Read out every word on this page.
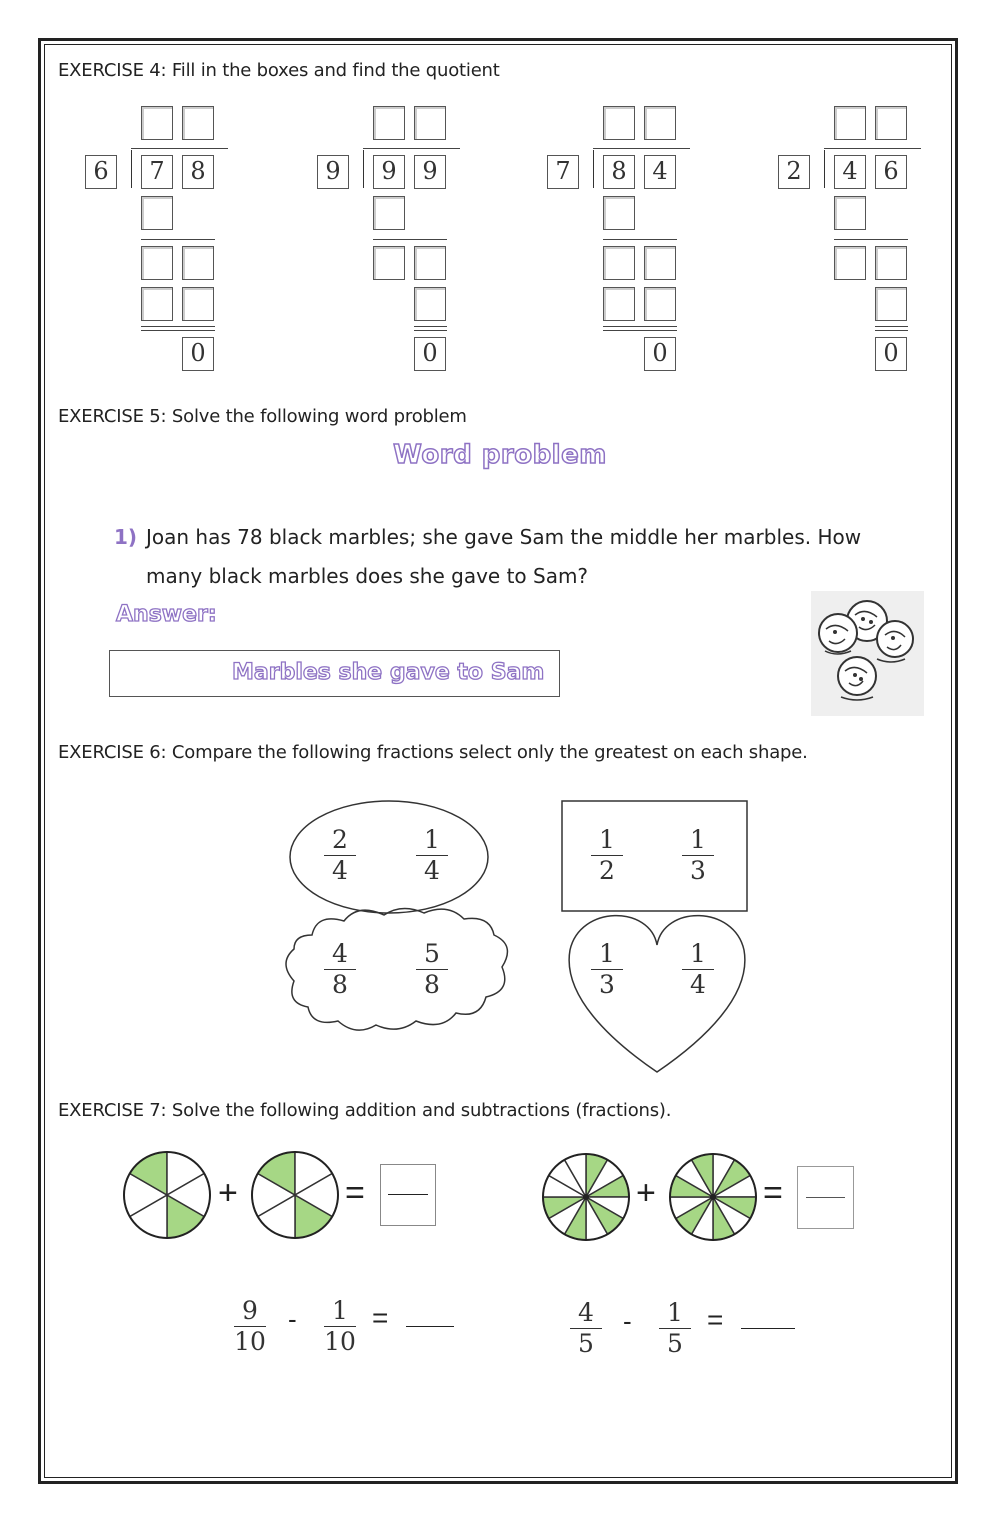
EXERCISE 4: Fill in the boxes and find the quotient
6	7	8
0
9	9	9
0
7	8	4
0
2	4	6
0
EXERCISE 5: Solve the following word problem
Word problem
1) Joan has 78 black marbles; she gave Sam the middle her marbles. How many black marbles does she gave to Sam?
Answer:
Marbles she gave to Sam
EXERCISE 6: Compare the following fractions select only the greatest on each shape.
2
4
1
4
1
2
1
3
4
8
5
8
1
3
1
4
EXERCISE 7: Solve the following addition and subtractions (fractions).
+	=	+	=
9
10
1
10
-	=	4
5
1
5
-	=
